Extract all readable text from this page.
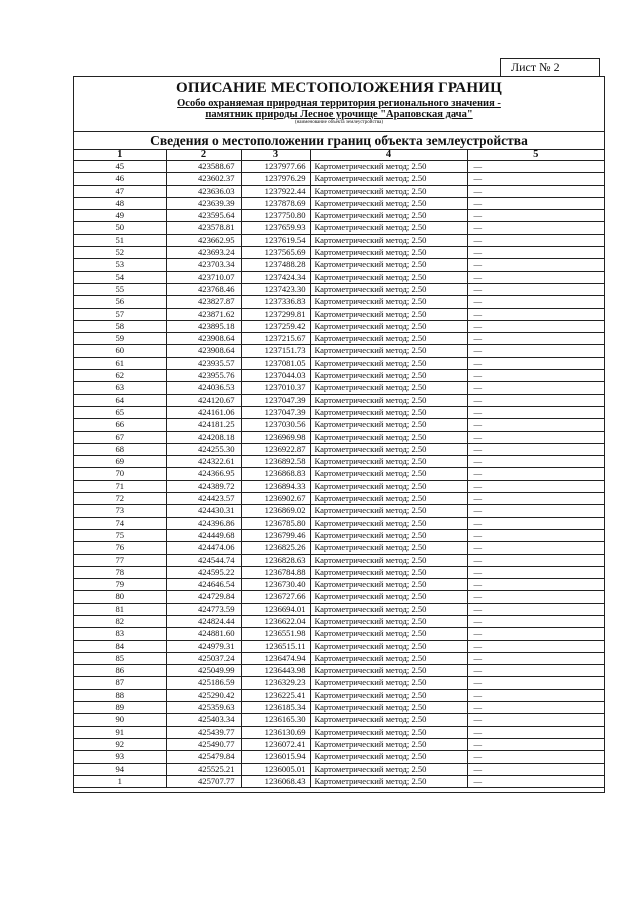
Лист № 2
ОПИСАНИЕ МЕСТОПОЛОЖЕНИЯ ГРАНИЦ
Особо охраняемая природная территория регионального значения -
памятник природы Лесное урочище "Араповская дача"
(наименование объекта землеустройства)
Сведения о местоположении границ объекта землеустройства
1	2	3	4	5
45	423588.67	1237977.66	Картометрический метод; 2.50	—
46	423602.37	1237976.29	Картометрический метод; 2.50	—
47	423636.03	1237922.44	Картометрический метод; 2.50	—
48	423639.39	1237878.69	Картометрический метод; 2.50	—
49	423595.64	1237750.80	Картометрический метод; 2.50	—
50	423578.81	1237659.93	Картометрический метод; 2.50	—
51	423662.95	1237619.54	Картометрический метод; 2.50	—
52	423693.24	1237565.69	Картометрический метод; 2.50	—
53	423703.34	1237488.28	Картометрический метод; 2.50	—
54	423710.07	1237424.34	Картометрический метод; 2.50	—
55	423768.46	1237423.30	Картометрический метод; 2.50	—
56	423827.87	1237336.83	Картометрический метод; 2.50	—
57	423871.62	1237299.81	Картометрический метод; 2.50	—
58	423895.18	1237259.42	Картометрический метод; 2.50	—
59	423908.64	1237215.67	Картометрический метод; 2.50	—
60	423908.64	1237151.73	Картометрический метод; 2.50	—
61	423935.57	1237081.05	Картометрический метод; 2.50	—
62	423955.76	1237044.03	Картометрический метод; 2.50	—
63	424036.53	1237010.37	Картометрический метод; 2.50	—
64	424120.67	1237047.39	Картометрический метод; 2.50	—
65	424161.06	1237047.39	Картометрический метод; 2.50	—
66	424181.25	1237030.56	Картометрический метод; 2.50	—
67	424208.18	1236969.98	Картометрический метод; 2.50	—
68	424255.30	1236922.87	Картометрический метод; 2.50	—
69	424322.61	1236892.58	Картометрический метод; 2.50	—
70	424366.95	1236868.83	Картометрический метод; 2.50	—
71	424389.72	1236894.33	Картометрический метод; 2.50	—
72	424423.57	1236902.67	Картометрический метод; 2.50	—
73	424430.31	1236869.02	Картометрический метод; 2.50	—
74	424396.86	1236785.80	Картометрический метод; 2.50	—
75	424449.68	1236799.46	Картометрический метод; 2.50	—
76	424474.06	1236825.26	Картометрический метод; 2.50	—
77	424544.74	1236828.63	Картометрический метод; 2.50	—
78	424595.22	1236784.88	Картометрический метод; 2.50	—
79	424646.54	1236730.40	Картометрический метод; 2.50	—
80	424729.84	1236727.66	Картометрический метод; 2.50	—
81	424773.59	1236694.01	Картометрический метод; 2.50	—
82	424824.44	1236622.04	Картометрический метод; 2.50	—
83	424881.60	1236551.98	Картометрический метод; 2.50	—
84	424979.31	1236515.11	Картометрический метод; 2.50	—
85	425037.24	1236474.94	Картометрический метод; 2.50	—
86	425049.99	1236443.98	Картометрический метод; 2.50	—
87	425186.59	1236329.23	Картометрический метод; 2.50	—
88	425290.42	1236225.41	Картометрический метод; 2.50	—
89	425359.63	1236185.34	Картометрический метод; 2.50	—
90	425403.34	1236165.30	Картометрический метод; 2.50	—
91	425439.77	1236130.69	Картометрический метод; 2.50	—
92	425490.77	1236072.41	Картометрический метод; 2.50	—
93	425479.84	1236015.94	Картометрический метод; 2.50	—
94	425525.21	1236005.01	Картометрический метод; 2.50	—
1	425707.77	1236068.43	Картометрический метод; 2.50	—
